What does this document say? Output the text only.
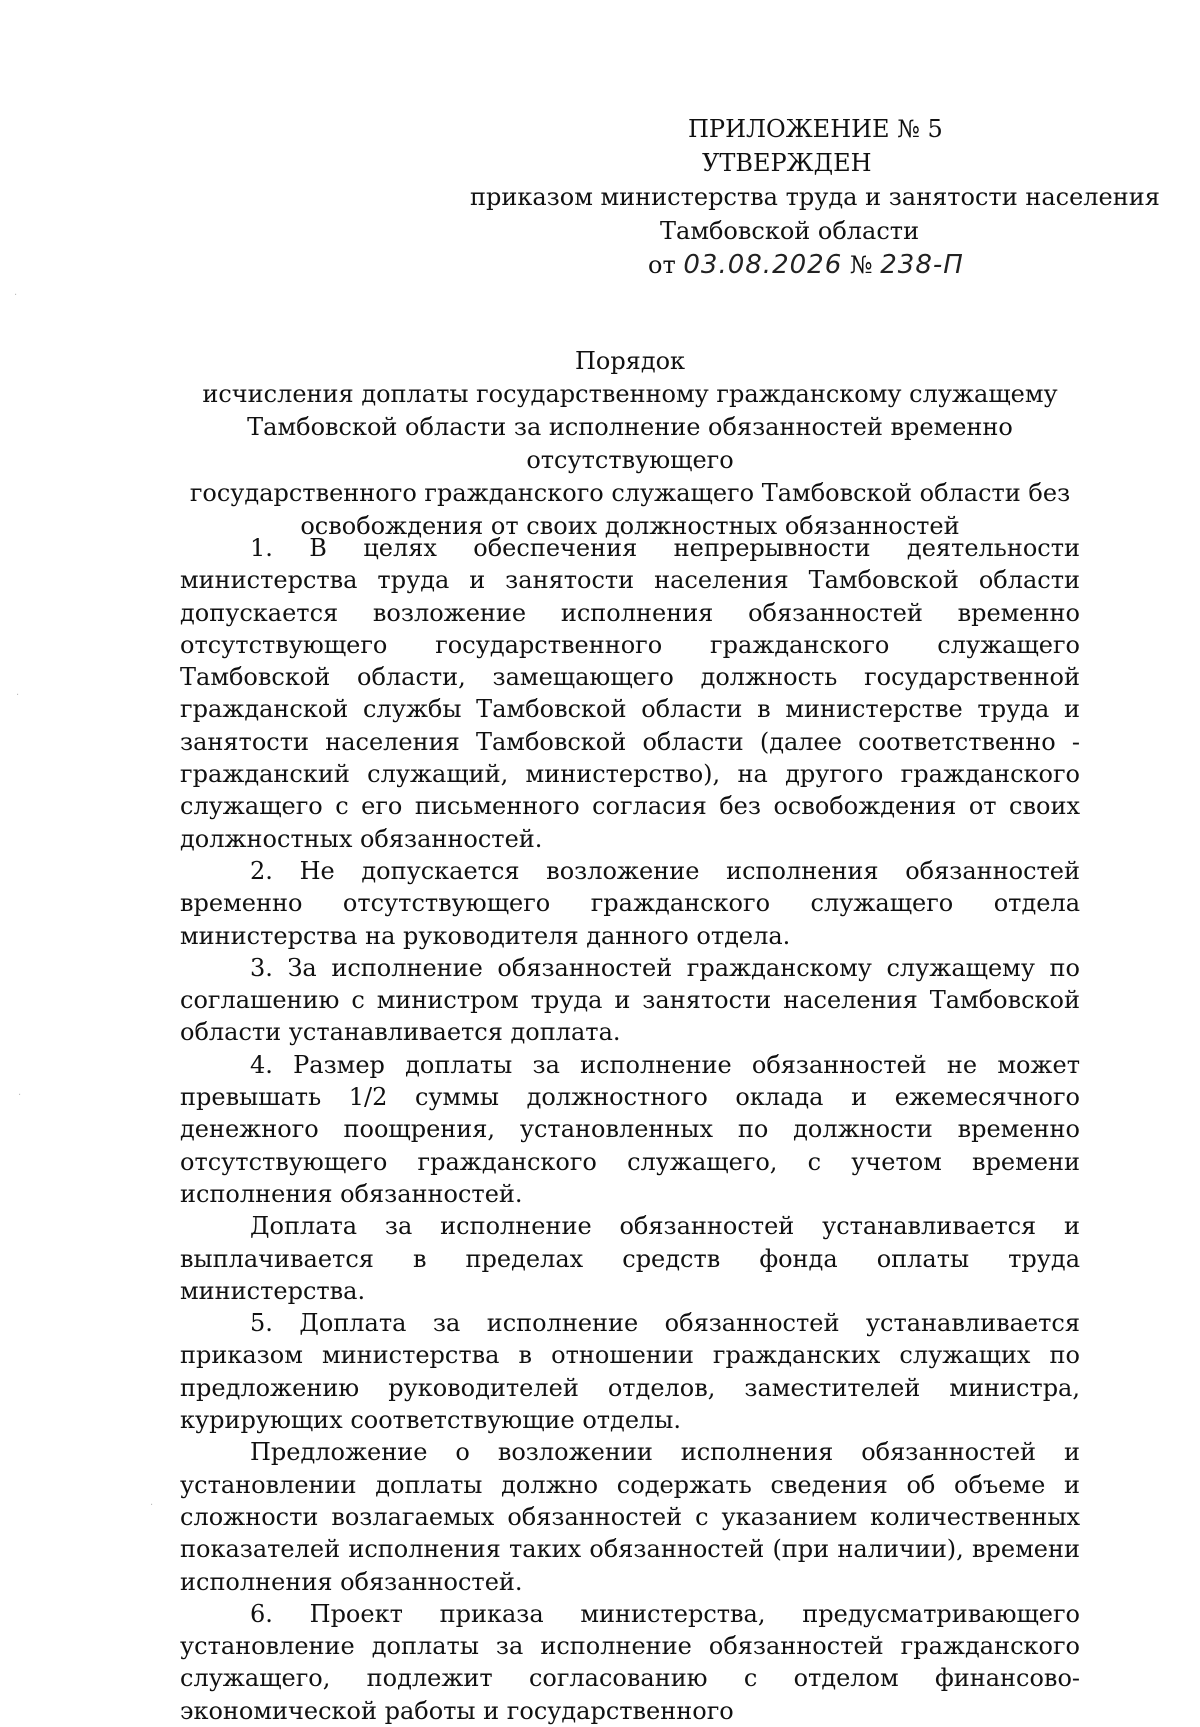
ПРИЛОЖЕНИЕ № 5
УТВЕРЖДЕН
приказом министерства труда и занятости населения
Тамбовской области
от 03.08.2026 № 238-П
Порядок
исчисления доплаты государственному гражданскому служащему
Тамбовской области за исполнение обязанностей временно отсутствующего
государственного гражданского служащего Тамбовской области без
освобождения от своих должностных обязанностей

1. В целях обеспечения непрерывности деятельности министерства труда и занятости населения Тамбовской области допускается возложение исполнения обязанностей временно отсутствующего государственного гражданского служащего Тамбовской области, замещающего должность государственной гражданской службы Тамбовской области в министерстве труда и занятости населения Тамбовской области (далее соответственно - гражданский служащий, министерство), на другого гражданского служащего с его письменного согласия без освобождения от своих должностных обязанностей.

2. Не допускается возложение исполнения обязанностей временно отсутствующего гражданского служащего отдела министерства на руководителя данного отдела.

3. За исполнение обязанностей гражданскому служащему по соглашению с министром труда и занятости населения Тамбовской области устанавливается доплата.

4. Размер доплаты за исполнение обязанностей не может превышать 1/2 суммы должностного оклада и ежемесячного денежного поощрения, установленных по должности временно отсутствующего гражданского служащего, с учетом времени исполнения обязанностей.

Доплата за исполнение обязанностей устанавливается и выплачивается в пределах средств фонда оплаты труда министерства.

5. Доплата за исполнение обязанностей устанавливается приказом министерства в отношении гражданских служащих по предложению руководителей отделов, заместителей министра, курирующих соответствующие отделы.

Предложение о возложении исполнения обязанностей и установлении доплаты должно содержать сведения об объеме и сложности возлагаемых обязанностей с указанием количественных показателей исполнения таких обязанностей (при наличии), времени исполнения обязанностей.

6. Проект приказа министерства, предусматривающего установление доплаты за исполнение обязанностей гражданского служащего, подлежит согласованию с отделом финансово-экономической работы и государственного

·
·
·
·
